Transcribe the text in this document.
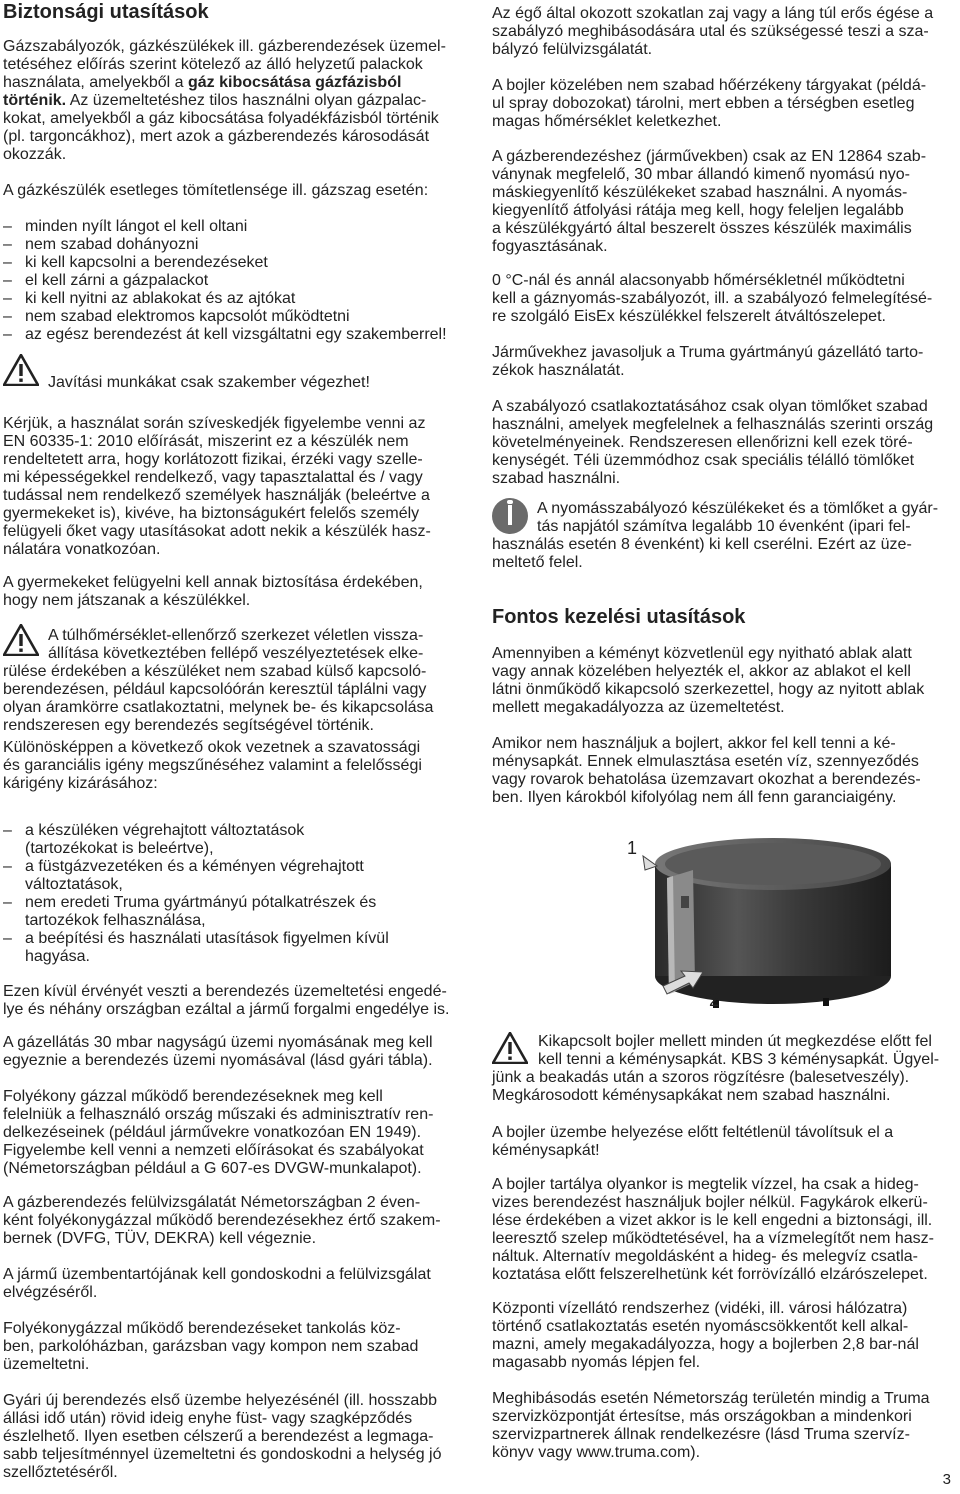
Biztonsági utasítások
Gázszabályozók, gázkészülékek ill. gázberendezések üzemel-
tetéséhez előírás szerint kötelező az álló helyzetű palackok
használata, amelyekből a gáz kibocsátása gázfázisból
történik. Az üzemeltetéshez tilos használni olyan gázpalac-
kokat, amelyekből a gáz kibocsátása folyadékfázisból történik
(pl. targoncákhoz), mert azok a gázberendezés károsodását
okozzák.
A gázkészülék esetleges tömítetlensége ill. gázszag esetén:
– minden nyílt lángot el kell oltani
– nem szabad dohányozni
– ki kell kapcsolni a berendezéseket
– el kell zárni a gázpalackot
– ki kell nyitni az ablakokat és az ajtókat
– nem szabad elektromos kapcsolót működtetni
– az egész berendezést át kell vizsgáltatni egy szakemberrel!
Javítási munkákat csak szakember végezhet!
Kérjük, a használat során szíveskedjék figyelembe venni az
EN 60335-1: 2010 előírását, miszerint ez a készülék nem
rendeltetett arra, hogy korlátozott fizikai, érzéki vagy szelle-
mi képességekkel rendelkező, vagy tapasztalattal és / vagy
tudással nem rendelkező személyek használják (beleértve a
gyermekeket is), kivéve, ha biztonságukért felelős személy
felügyeli őket vagy utasításokat adott nekik a készülék hasz-
nálatára vonatkozóan.
A gyermekeket felügyelni kell annak biztosítása érdekében,
hogy nem játszanak a készülékkel.
A túlhőmérséklet-ellenőrző szerkezet véletlen vissza-
állítása következtében fellépő veszélyeztetések elke-
rülése érdekében a készüléket nem szabad külső kapcsoló-
berendezésen, például kapcsolóórán keresztül táplálni vagy
olyan áramkörre csatlakoztatni, melynek be- és kikapcsolása
rendszeresen egy berendezés segítségével történik.
Különösképpen a következő okok vezetnek a szavatossági
és garanciális igény megszűnéséhez valamint a felelősségi
kárigény kizárásához:
– a készüléken végrehajtott változtatások
(tartozékokat is beleértve),
– a füstgázvezetéken és a kéményen végrehajtott
változtatások,
– nem eredeti Truma gyártmányú pótalkatrészek és
tartozékok felhasználása,
– a beépítési és használati utasítások figyelmen kívül
hagyása.
Ezen kívül érvényét veszti a berendezés üzemeltetési engedé-
lye és néhány országban ezáltal a jármű forgalmi engedélye is.
A gázellátás 30 mbar nagyságú üzemi nyomásának meg kell
egyeznie a berendezés üzemi nyomásával (lásd gyári tábla).
Folyékony gázzal működő berendezéseknek meg kell
felelniük a felhasználó ország műszaki és adminisztratív ren-
delkezéseinek (például járművekre vonatkozóan EN 1949).
Figyelembe kell venni a nemzeti előírásokat és szabályokat
(Németországban például a G 607-es DVGW-munkalapot).
A gázberendezés felülvizsgálatát Németországban 2 éven-
ként folyékonygázzal működő berendezésekhez értő szakem-
bernek (DVFG, TÜV, DEKRA) kell végeznie.
A jármű üzembentartójának kell gondoskodni a felülvizsgálat
elvégzéséről.
Folyékonygázzal működő berendezéseket tankolás köz-
ben, parkolóházban, garázsban vagy kompon nem szabad
üzemeltetni.
Gyári új berendezés első üzembe helyezésénél (ill. hosszabb
állási idő után) rövid ideig enyhe füst- vagy szagképződés
észlelhető. Ilyen esetben célszerű a berendezést a legmaga-
sabb teljesítménnyel üzemeltetni és gondoskodni a helység jó
szellőztetéséről.
Az égő által okozott szokatlan zaj vagy a láng túl erős égése a
szabályzó meghibásodására utal és szükségessé teszi a sza-
bályzó felülvizsgálatát.
A bojler közelében nem szabad hőérzékeny tárgyakat (példá-
ul spray dobozokat) tárolni, mert ebben a térségben esetleg
magas hőmérséklet keletkezhet.
A gázberendezéshez (járművekben) csak az EN 12864 szab-
ványnak megfelelő, 30 mbar állandó kimenő nyomású nyo-
máskiegyenlítő készülékeket szabad használni. A nyomás-
kiegyenlítő átfolyási rátája meg kell, hogy feleljen legalább
a készülékgyártó által beszerelt összes készülék maximális
fogyasztásának.
0 °C-nál és annál alacsonyabb hőmérsékletnél működtetni
kell a gáznyomás-szabályozót, ill. a szabályozó felmelegítésé-
re szolgáló EisEx készülékkel felszerelt átváltószelepet.
Járművekhez javasoljuk a Truma gyártmányú gázellátó tarto-
zékok használatát.
A szabályozó csatlakoztatásához csak olyan tömlőket szabad
használni, amelyek megfelelnek a felhasználás szerinti ország
követelményeinek. Rendszeresen ellenőrizni kell ezek töré-
kenységét. Téli üzemmódhoz csak speciális télálló tömlőket
szabad használni.
A nyomásszabályozó készülékeket és a tömlőket a gyár-
tás napjától számítva legalább 10 évenként (ipari fel-
használás esetén 8 évenként) ki kell cserélni. Ezért az üze-
meltető felel.
Fontos kezelési utasítások
Amennyiben a kéményt közvetlenül egy nyitható ablak alatt
vagy annak közelében helyezték el, akkor az ablakot el kell
látni önműködő kikapcsoló szerkezettel, hogy az nyitott ablak
mellett megakadályozza az üzemeltetést.
Amikor nem használjuk a bojlert, akkor fel kell tenni a ké-
ménysapkát. Ennek elmulasztása esetén víz, szennyeződés
vagy rovarok behatolása üzemzavart okozhat a berendezés-
ben. Ilyen károkból kifolyólag nem áll fenn garanciaigény.
1
2
Kikapcsolt bojler mellett minden út megkezdése előtt fel
kell tenni a kéménysapkát. KBS 3 kéménysapkát. Ügyel-
jünk a beakadás után a szoros rögzítésre (balesetveszély).
Megkárosodott kéménysapkákat nem szabad használni.
A bojler üzembe helyezése előtt feltétlenül távolítsuk el a
kéménysapkát!
A bojler tartálya olyankor is megtelik vízzel, ha csak a hideg-
vizes berendezést használjuk bojler nélkül. Fagykárok elkerü-
lése érdekében a vizet akkor is le kell engedni a biztonsági, ill.
leeresztő szelep működtetésével, ha a vízmelegítőt nem hasz-
náltuk. Alternatív megoldásként a hideg- és melegvíz csatla-
koztatása előtt felszerelhetünk két forrövízálló elzárószelepet.
Központi vízellátó rendszerhez (vidéki, ill. városi hálózatra)
történő csatlakoztatás esetén nyomáscsökkentőt kell alkal-
mazni, amely megakadályozza, hogy a bojlerben 2,8 bar-nál
magasabb nyomás lépjen fel.
Meghibásodás esetén Németország területén mindig a Truma
szervizközpontját értesítse, más országokban a mindenkori
szervizpartnerek állnak rendelkezésre (lásd Truma szervíz-
könyv vagy www.truma.com).
3
